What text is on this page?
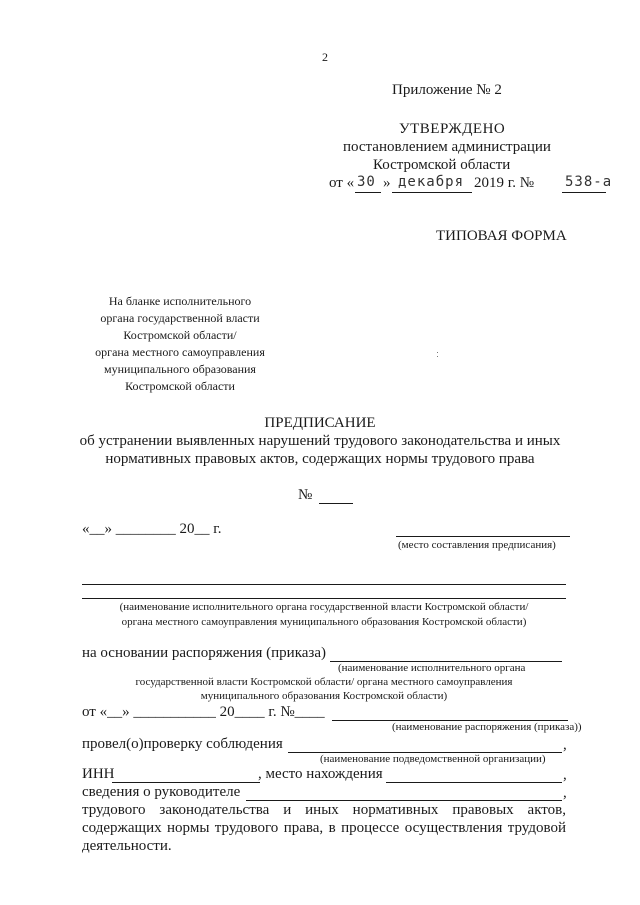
2
Приложение № 2
УТВЕРЖДЕНО
постановлением администрации
Костромской области
от « 30 » декабря 2019 г. № 538-а
ТИПОВАЯ ФОРМА
На бланке исполнительного
органа государственной власти
Костромской области/
органа местного самоуправления
муниципального образования
Костромской области
ПРЕДПИСАНИЕ
об устранении выявленных нарушений трудового законодательства и иных
нормативных правовых актов, содержащих нормы трудового права
№
«__» ________ 20__ г.
(место составления предписания)
(наименование исполнительного органа государственной власти Костромской области/
органа местного самоуправления муниципального образования Костромской области)
на основании распоряжения (приказа)
(наименование исполнительного органа
государственной власти Костромской области/ органа местного самоуправления
муниципального образования Костромской области)
от «__» ___________ 20____ г. №____
(наименование распоряжения (приказа))
провел(о)проверку соблюдения	,
(наименование подведомственной организации)
ИНН	, место нахождения	,
сведения о руководителе	,
трудового законодательства и иных нормативных правовых актов,
содержащих нормы трудового права, в процессе осуществления трудовой
деятельности.
